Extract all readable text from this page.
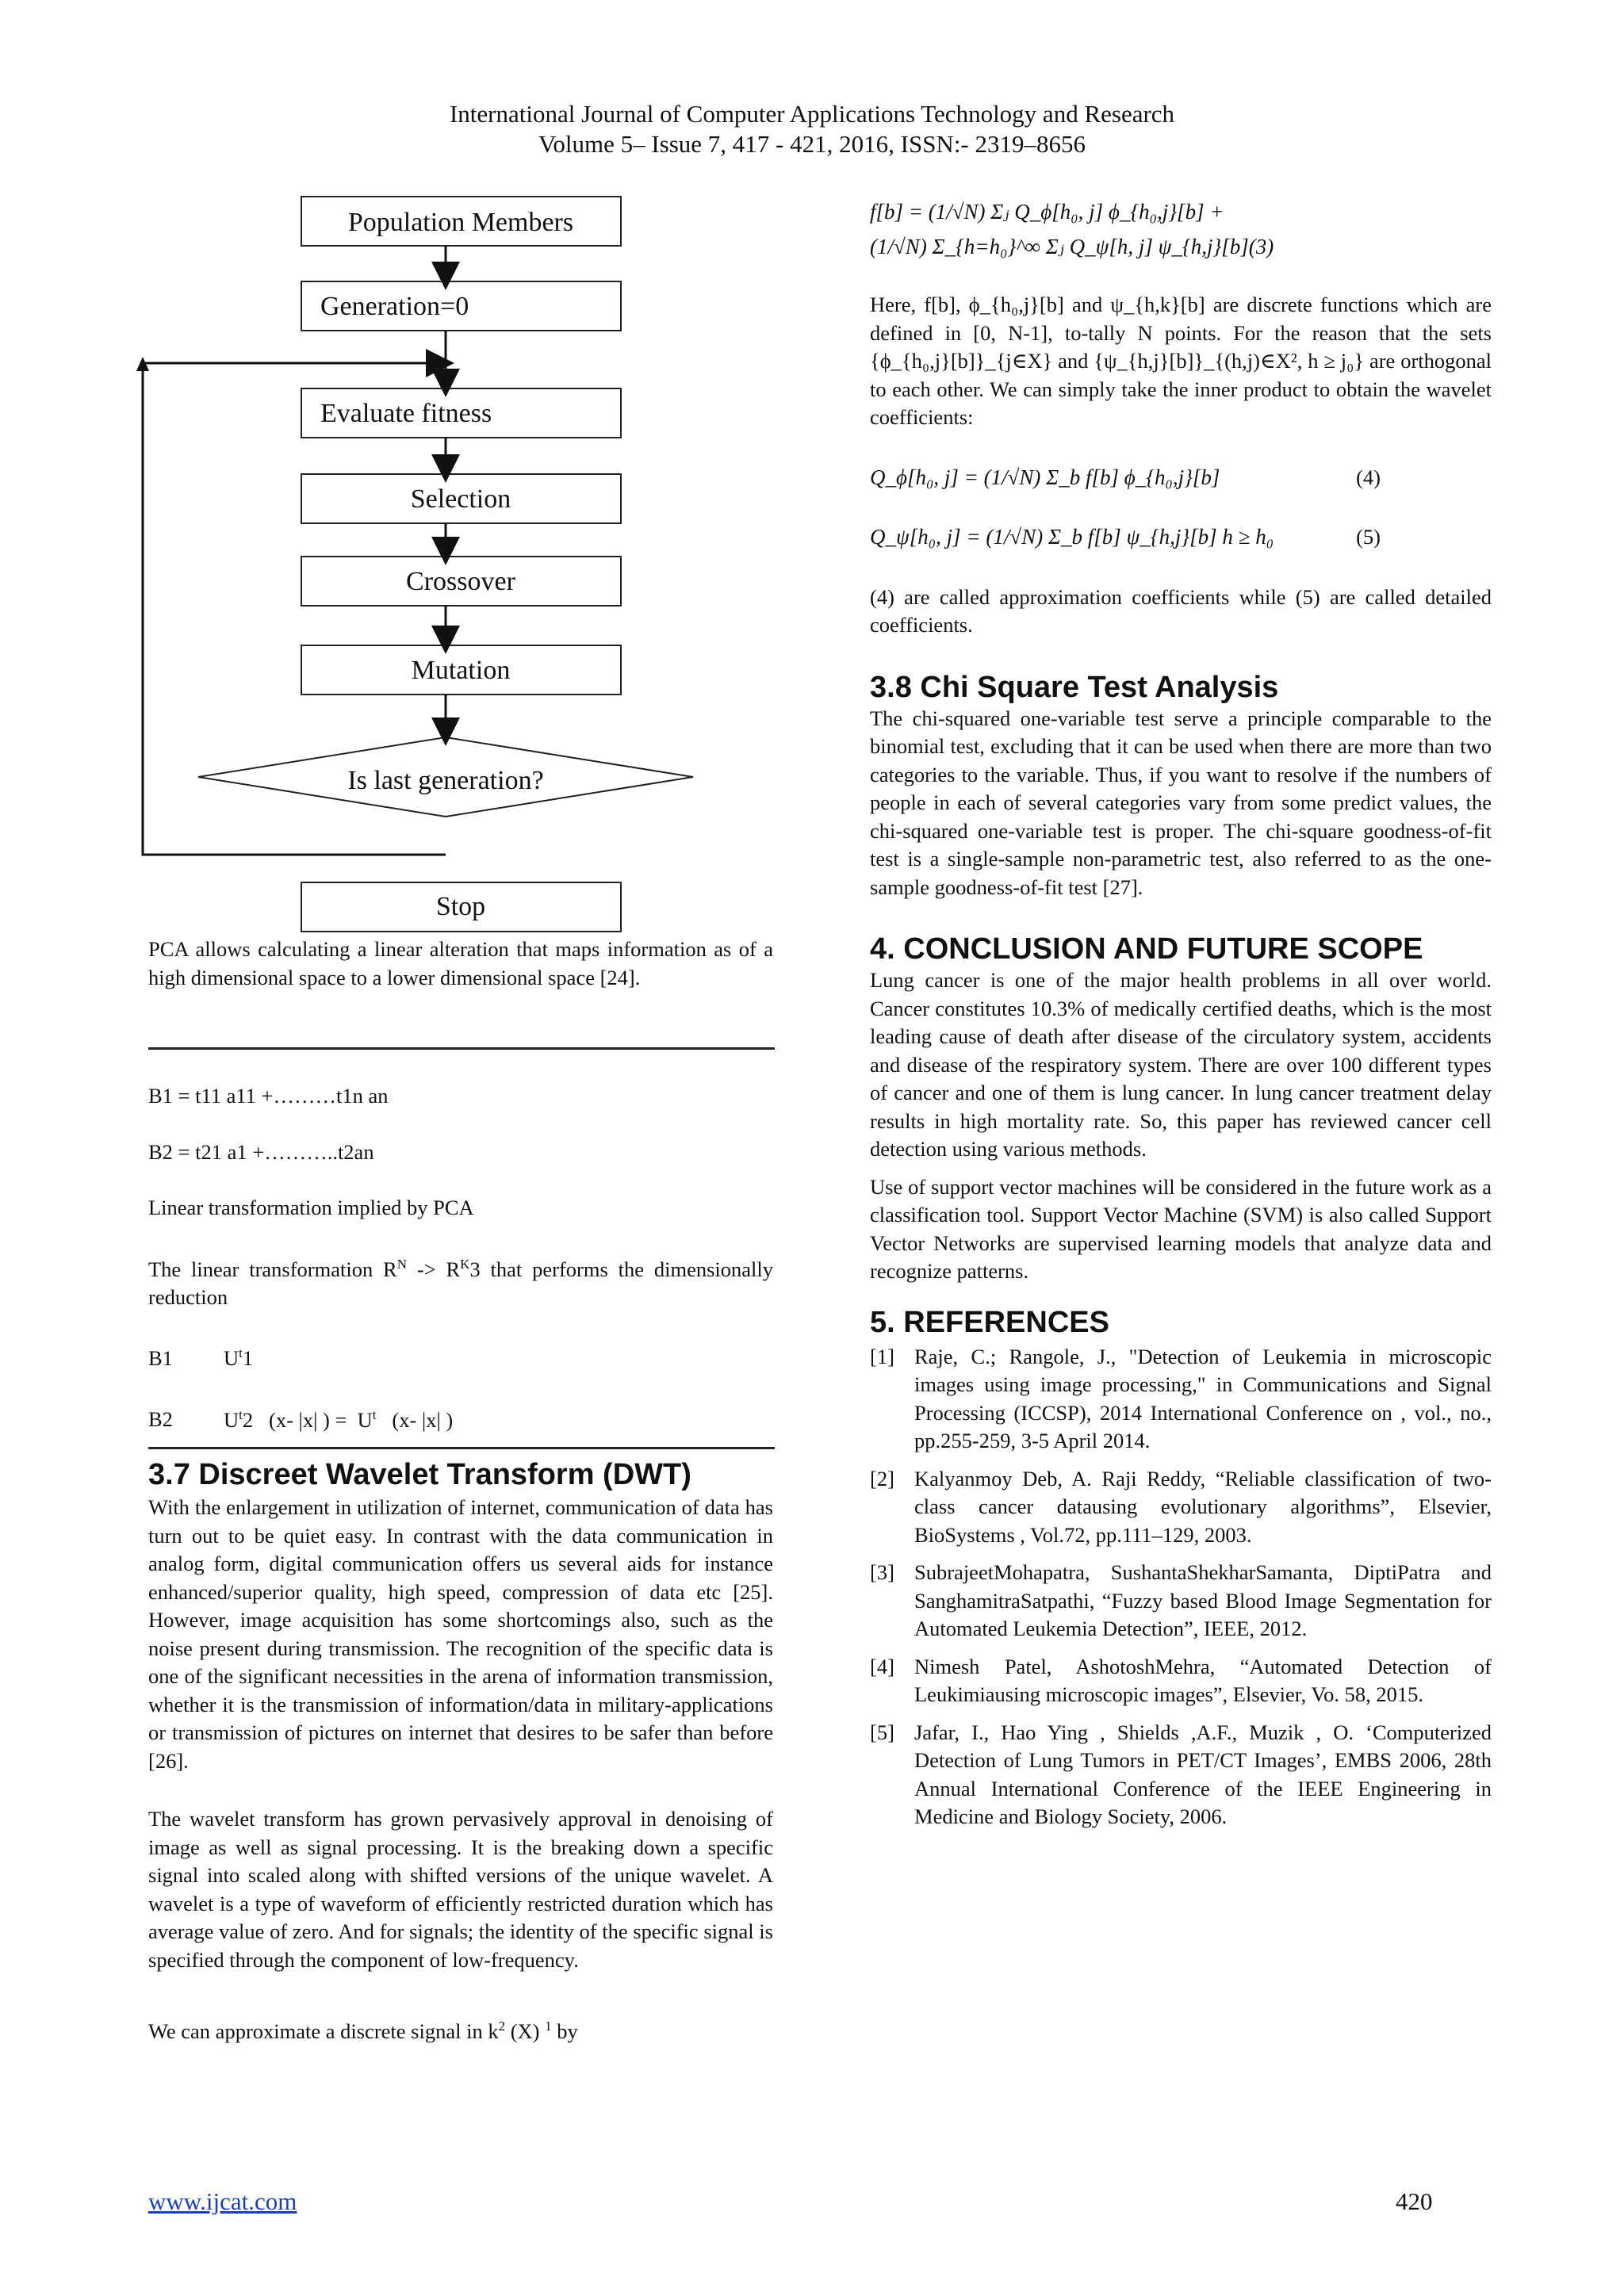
International Journal of Computer Applications Technology and Research
Volume 5– Issue 7, 417 - 421, 2016, ISSN:- 2319–8656
Population Members
Generation=0
Evaluate fitness
Selection
Crossover
Mutation
Is last generation?
Stop

PCA allows calculating a linear alteration that maps information as of a high dimensional space to a lower dimensional space [24].

B1 = t11 a11 +………t1n an
B2 = t21 a1 +………..t2an
Linear transformation implied by PCA

The linear transformation $R^N -> R^K3$ that performs the dimensionally reduction

B1 $U^t1$
B2 $U^t2$ (x- |x| ) = $U^t$ (x- |x| )
3.7 Discreet Wavelet Transform (DWT)

With the enlargement in utilization of internet, communication of data has turn out to be quiet easy. In contrast with the data communication in analog form, digital communication offers us several aids for instance enhanced/superior quality, high speed, compression of data etc [25]. However, image acquisition has some shortcomings also, such as the noise present during transmission. The recognition of the specific data is one of the significant necessities in the arena of information transmission, whether it is the transmission of information/data in military-applications or transmission of pictures on internet that desires to be safer than before [26].

The wavelet transform has grown pervasively approval in denoising of image as well as signal processing. It is the breaking down a specific signal into scaled along with shifted versions of the unique wavelet. A wavelet is a type of waveform of efficiently restricted duration which has average value of zero. And for signals; the identity of the specific signal is specified through the component of low-frequency.

We can approximate a discrete signal in $k^2$ (X) $^1$ by

f[b] = (1/√N) Σⱼ Q_ϕ[h₀, j] ϕ_{h₀,j}[b] +
(1/√N) Σ_{h=h₀}^∞ Σⱼ Q_ψ[h, j] ψ_{h,j}[b](3)

Here, f[b], ϕ_{h₀,j}[b] and ψ_{h,k}[b] are discrete functions which are defined in [0, N-1], to-tally N points. For the reason that the sets {ϕ_{h₀,j}[b]}_{j∈X} and {ψ_{h,j}[b]}_{(h,j)∈X², h ≥ j₀} are orthogonal to each other. We can simply take the inner product to obtain the wavelet coefficients:

Q_ϕ[h₀, j] = (1/√N) Σ_b f[b] ϕ_{h₀,j}[b]	(4)
Q_ψ[h₀, j] = (1/√N) Σ_b f[b] ψ_{h,j}[b] h ≥ h₀	(5)

(4) are called approximation coefficients while (5) are called detailed coefficients.

3.8 Chi Square Test Analysis

The chi-squared one-variable test serve a principle comparable to the binomial test, excluding that it can be used when there are more than two categories to the variable. Thus, if you want to resolve if the numbers of people in each of several categories vary from some predict values, the chi-squared one-variable test is proper. The chi-square goodness-of-fit test is a single-sample non-parametric test, also referred to as the one-sample goodness-of-fit test [27].

4. CONCLUSION AND FUTURE SCOPE

Lung cancer is one of the major health problems in all over world. Cancer constitutes 10.3% of medically certified deaths, which is the most leading cause of death after disease of the circulatory system, accidents and disease of the respiratory system. There are over 100 different types of cancer and one of them is lung cancer. In lung cancer treatment delay results in high mortality rate. So, this paper has reviewed cancer cell detection using various methods.

Use of support vector machines will be considered in the future work as a classification tool. Support Vector Machine (SVM) is also called Support Vector Networks are supervised learning models that analyze data and recognize patterns.

5. REFERENCES
[1] Raje, C.; Rangole, J., "Detection of Leukemia in microscopic images using image processing," in Communications and Signal Processing (ICCSP), 2014 International Conference on , vol., no., pp.255-259, 3-5 April 2014.
[2] Kalyanmoy Deb, A. Raji Reddy, “Reliable classification of two-class cancer datausing evolutionary algorithms”, Elsevier, BioSystems , Vol.72, pp.111–129, 2003.
[3] SubrajeetMohapatra, SushantaShekharSamanta, DiptiPatra and SanghamitraSatpathi, “Fuzzy based Blood Image Segmentation for Automated Leukemia Detection”, IEEE, 2012.
[4] Nimesh Patel, AshotoshMehra, “Automated Detection of Leukimiausing microscopic images”, Elsevier, Vo. 58, 2015.
[5] Jafar, I., Hao Ying , Shields ,A.F., Muzik , O. ‘Computerized Detection of Lung Tumors in PET/CT Images’, EMBS 2006, 28th Annual International Conference of the IEEE Engineering in Medicine and Biology Society, 2006.
www.ijcat.com	420
